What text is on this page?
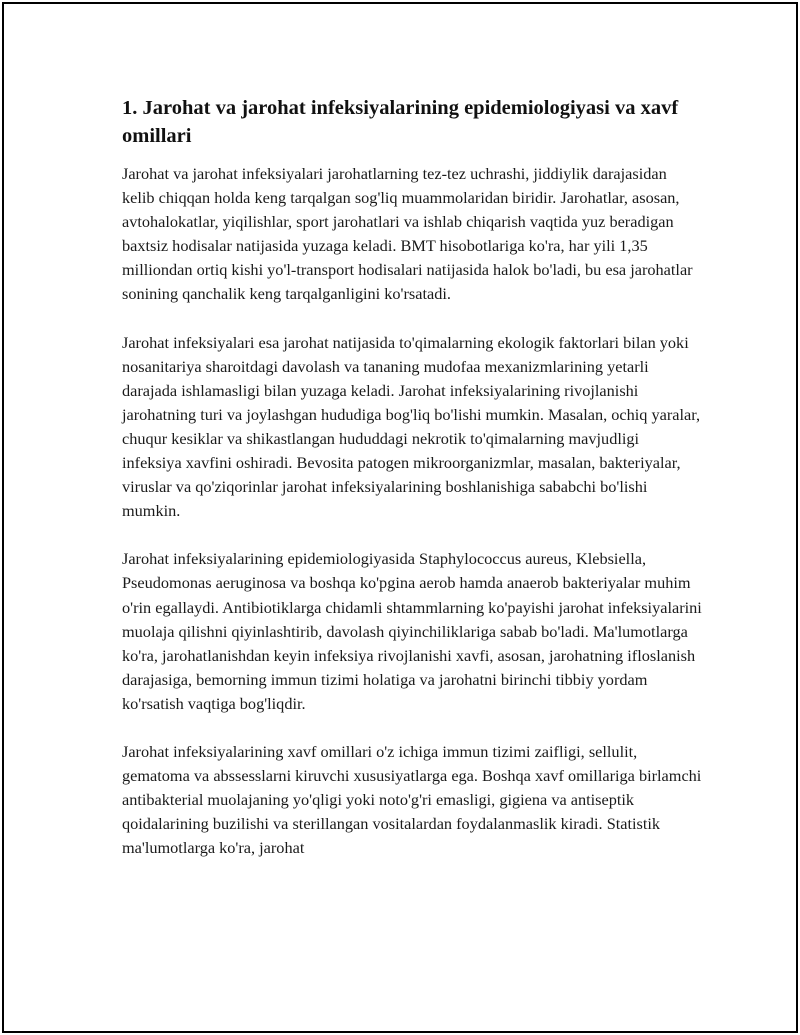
1. Jarohat va jarohat infeksiyalarining epidemiologiyasi va xavf omillari

Jarohat va jarohat infeksiyalari jarohatlarning tez-tez uchrashi, jiddiylik darajasidan kelib chiqqan holda keng tarqalgan sog'liq muammolaridan biridir. Jarohatlar, asosan, avtohalokatlar, yiqilishlar, sport jarohatlari va ishlab chiqarish vaqtida yuz beradigan baxtsiz hodisalar natijasida yuzaga keladi. BMT hisobotlariga ko'ra, har yili 1,35 milliondan ortiq kishi yo'l-transport hodisalari natijasida halok bo'ladi, bu esa jarohatlar sonining qanchalik keng tarqalganligini ko'rsatadi.

Jarohat infeksiyalari esa jarohat natijasida to'qimalarning ekologik faktorlari bilan yoki nosanitariya sharoitdagi davolash va tananing mudofaa mexanizmlarining yetarli darajada ishlamasligi bilan yuzaga keladi. Jarohat infeksiyalarining rivojlanishi jarohatning turi va joylashgan hududiga bog'liq bo'lishi mumkin. Masalan, ochiq yaralar, chuqur kesiklar va shikastlangan hududdagi nekrotik to'qimalarning mavjudligi infeksiya xavfini oshiradi. Bevosita patogen mikroorganizmlar, masalan, bakteriyalar, viruslar va qo'ziqorinlar jarohat infeksiyalarining boshlanishiga sababchi bo'lishi mumkin.

Jarohat infeksiyalarining epidemiologiyasida Staphylococcus aureus, Klebsiella, Pseudomonas aeruginosa va boshqa ko'pgina aerob hamda anaerob bakteriyalar muhim o'rin egallaydi. Antibiotiklarga chidamli shtammlarning ko'payishi jarohat infeksiyalarini muolaja qilishni qiyinlashtirib, davolash qiyinchiliklariga sabab bo'ladi. Ma'lumotlarga ko'ra, jarohatlanishdan keyin infeksiya rivojlanishi xavfi, asosan, jarohatning ifloslanish darajasiga, bemorning immun tizimi holatiga va jarohatni birinchi tibbiy yordam ko'rsatish vaqtiga bog'liqdir.

Jarohat infeksiyalarining xavf omillari o'z ichiga immun tizimi zaifligi, sellulit, gematoma va abssesslarni kiruvchi xususiyatlarga ega. Boshqa xavf omillariga birlamchi antibakterial muolajaning yo'qligi yoki noto'g'ri emasligi, gigiena va antiseptik qoidalarining buzilishi va sterillangan vositalardan foydalanmaslik kiradi. Statistik ma'lumotlarga ko'ra, jarohat
